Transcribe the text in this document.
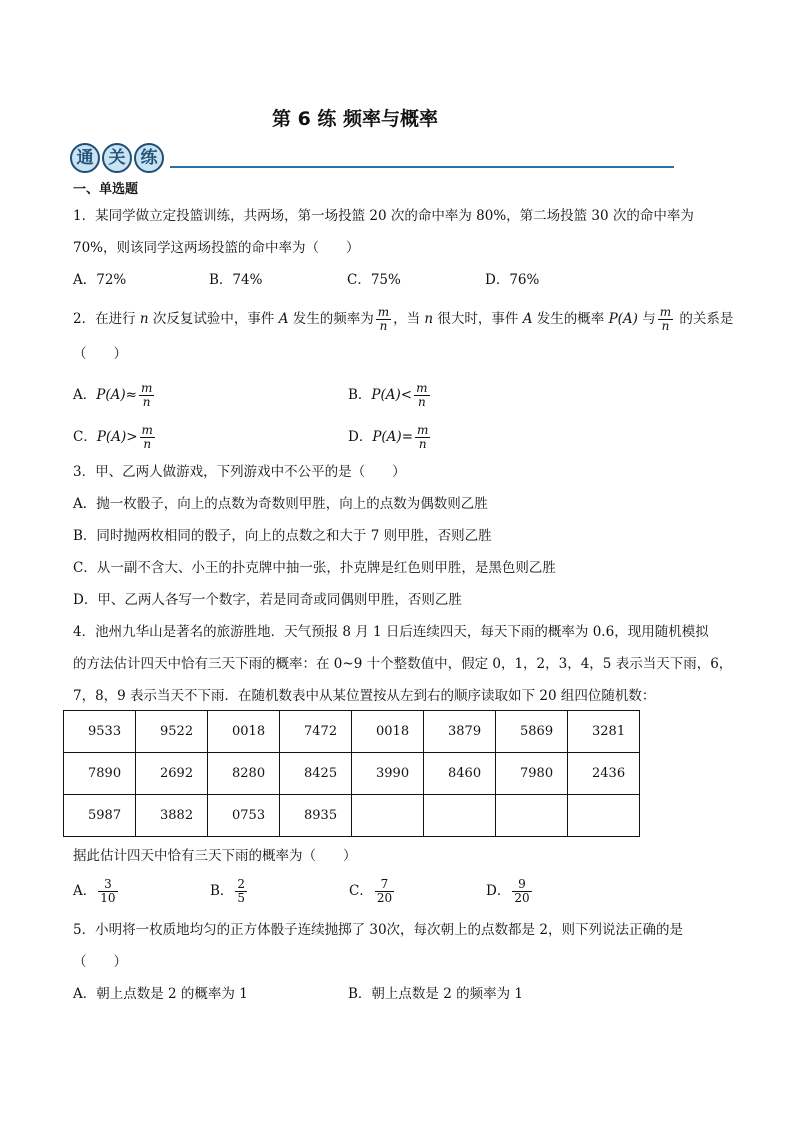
第 6 练 频率与概率
通 关 练
一、单选题
1．某同学做立定投篮训练，共两场，第一场投篮 20 次的命中率为 80%，第二场投篮 30 次的命中率为
70%，则该同学这两场投篮的命中率为（　　）
A．72%	B．74%	C．75%	D．76%
2．在进行 n 次反复试验中，事件 A 发生的频率为 $\frac{m}{n}$ ，当 n 很大时，事件 A 发生的概率 P(A) 与 $\frac{m}{n}$ 的关系是
（　　）
A．$P(A)\approx \frac{m}{n}$	B．$P(A)< \frac{m}{n}$
C．$P(A)> \frac{m}{n}$	D．$P(A)= \frac{m}{n}$
3．甲、乙两人做游戏，下列游戏中不公平的是（　　）
A．抛一枚骰子，向上的点数为奇数则甲胜，向上的点数为偶数则乙胜
B．同时抛两枚相同的骰子，向上的点数之和大于 7 则甲胜，否则乙胜
C．从一副不含大、小王的扑克牌中抽一张，扑克牌是红色则甲胜，是黑色则乙胜
D．甲、乙两人各写一个数字，若是同奇或同偶则甲胜，否则乙胜
4．池州九华山是著名的旅游胜地．天气预报 8 月 1 日后连续四天，每天下雨的概率为 0.6，现用随机模拟
的方法估计四天中恰有三天下雨的概率：在 0~9 十个整数值中，假定 0，1，2，3，4，5 表示当天下雨，6，
7，8，9 表示当天不下雨．在随机数表中从某位置按从左到右的顺序读取如下 20 组四位随机数：
9533	9522	0018	7472	0018	3879	5869	3281
7890	2692	8280	8425	3990	8460	7980	2436
5987	3882	0753	8935				
据此估计四天中恰有三天下雨的概率为（　　）
A． $\frac{3}{10}$	B． $\frac{2}{5}$	C． $\frac{7}{20}$	D． $\frac{9}{20}$
5．小明将一枚质地均匀的正方体骰子连续抛掷了 30次，每次朝上的点数都是 2，则下列说法正确的是
（　　）
A．朝上点数是 2 的概率为 1	B．朝上点数是 2 的频率为 1
